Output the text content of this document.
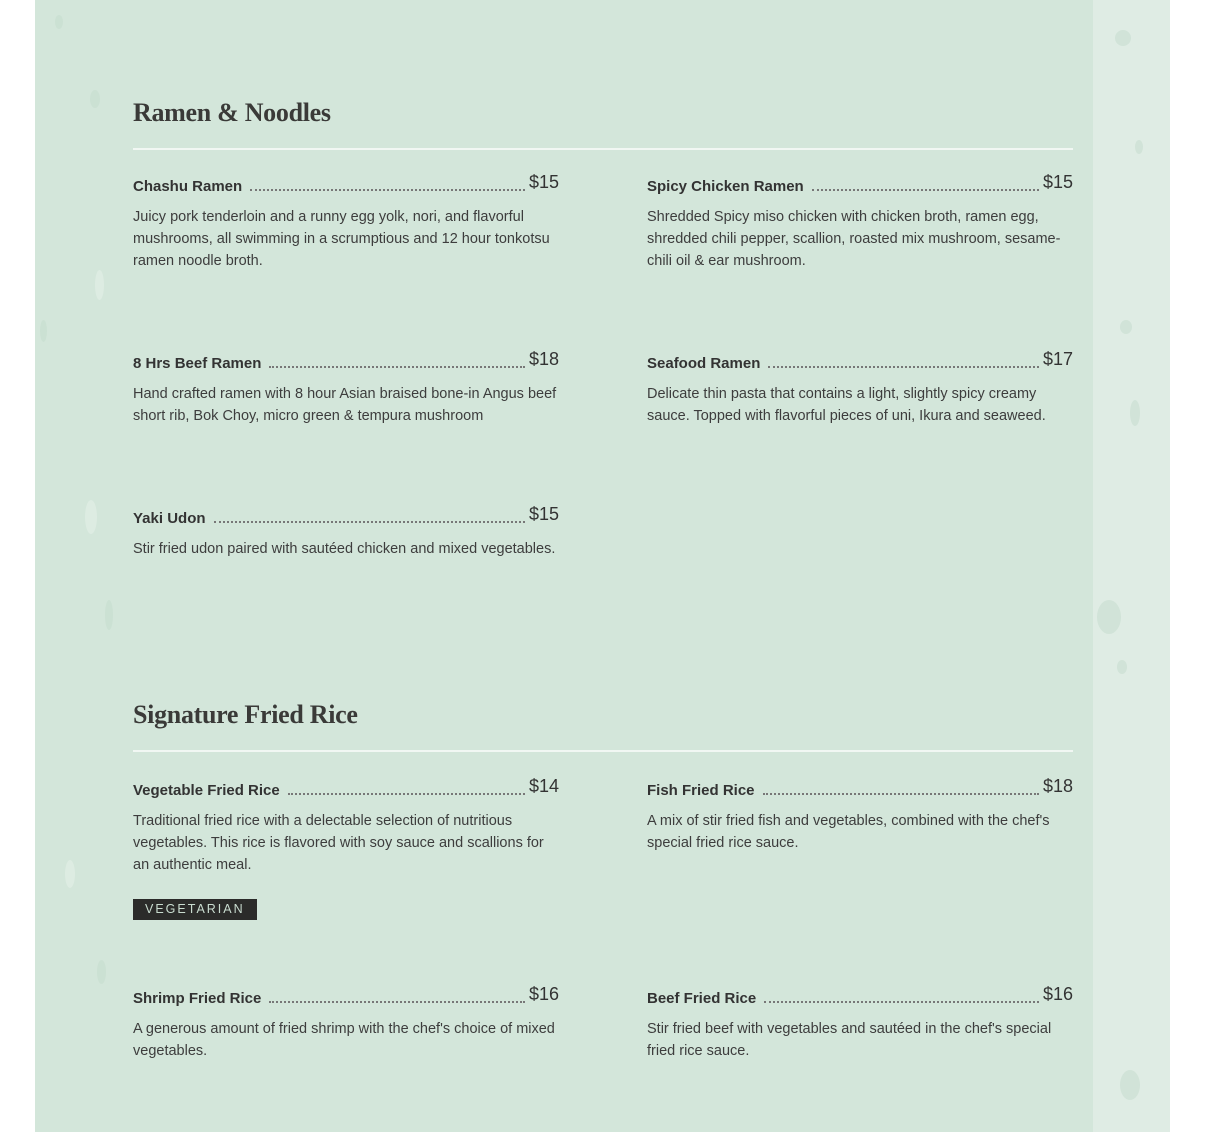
Ramen & Noodles
Chashu Ramen	$15

Juicy pork tenderloin and a runny egg yolk, nori, and flavorful mushrooms, all swimming in a scrumptious and 12 hour tonkotsu ramen noodle broth.

Spicy Chicken Ramen	$15

Shredded Spicy miso chicken with chicken broth, ramen egg, shredded chili pepper, scallion, roasted mix mushroom, sesame-chili oil & ear mushroom.

8 Hrs Beef Ramen	$18

Hand crafted ramen with 8 hour Asian braised bone-in Angus beef short rib, Bok Choy, micro green & tempura mushroom

Seafood Ramen	$17

Delicate thin pasta that contains a light, slightly spicy creamy sauce. Topped with flavorful pieces of uni, Ikura and seaweed.

Yaki Udon	$15

Stir fried udon paired with sautéed chicken and mixed vegetables.

Signature Fried Rice
Vegetable Fried Rice	$14

Traditional fried rice with a delectable selection of nutritious vegetables. This rice is flavored with soy sauce and scallions for an authentic meal.

VEGETARIAN
Fish Fried Rice	$18

A mix of stir fried fish and vegetables, combined with the chef's special fried rice sauce.

Shrimp Fried Rice	$16

A generous amount of fried shrimp with the chef's choice of mixed vegetables.

Beef Fried Rice	$16

Stir fried beef with vegetables and sautéed in the chef's special fried rice sauce.
